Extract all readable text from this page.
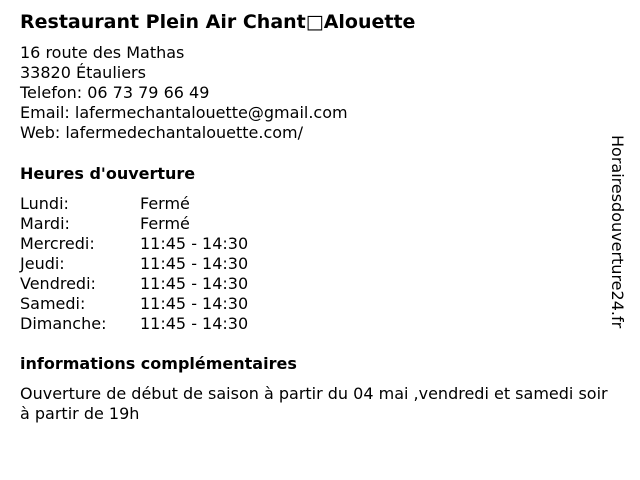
Restaurant Plein Air Chant□Alouette
16 route des Mathas
33820 Étauliers
Telefon: 06 73 79 66 49
Email: lafermechantalouette@gmail.com
Web: lafermedechantalouette.com/
Heures d'ouverture
Lundi:	Fermé
Mardi:	Fermé
Mercredi:	11:45 - 14:30
Jeudi:	11:45 - 14:30
Vendredi:	11:45 - 14:30
Samedi:	11:45 - 14:30
Dimanche:	11:45 - 14:30
informations complémentaires
Ouverture de début de saison à partir du 04 mai ,vendredi et samedi soir à partir de 19h
Horairesdouverture24.fr
